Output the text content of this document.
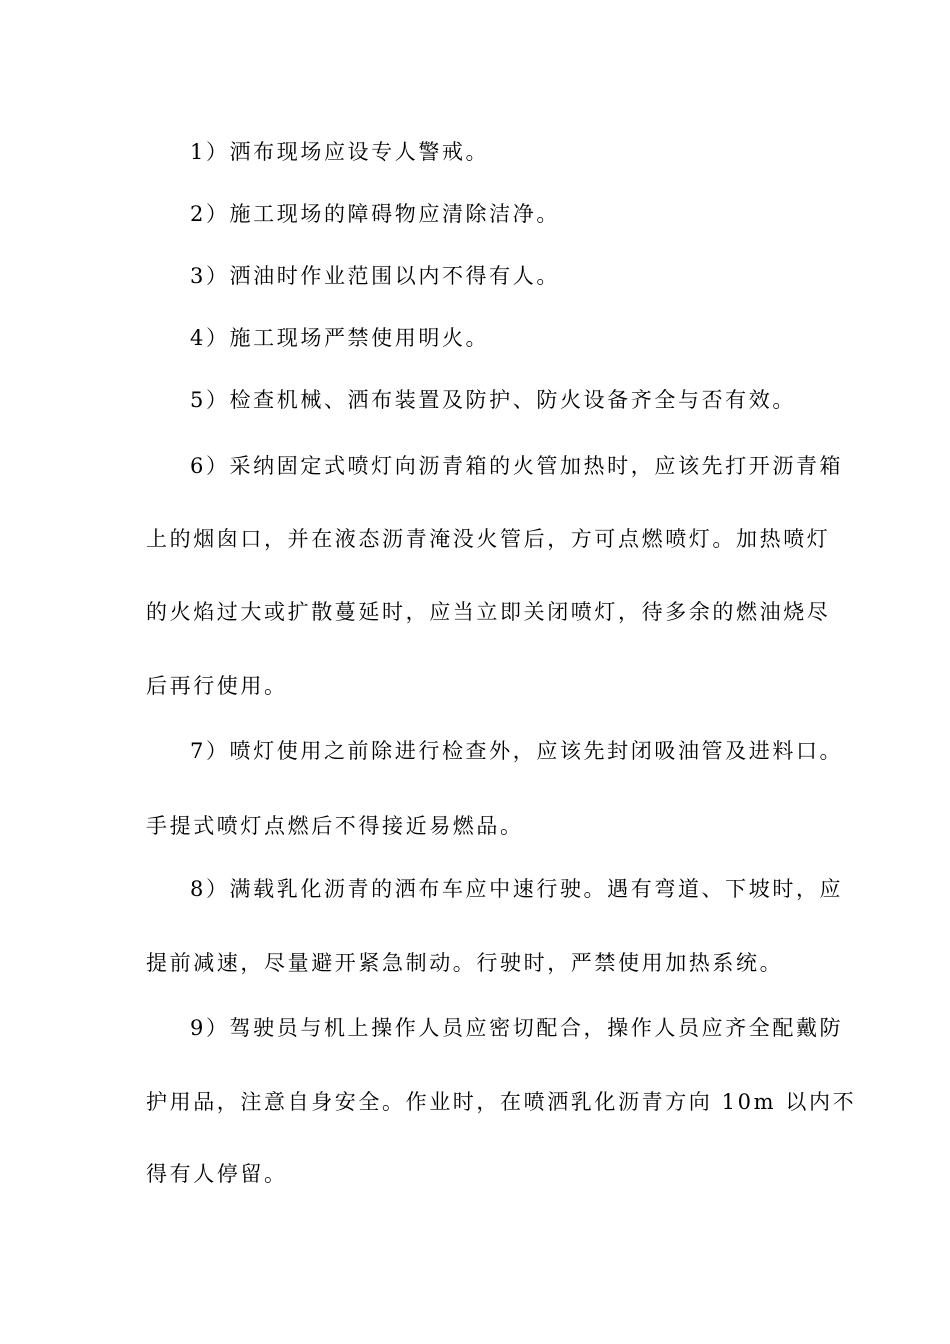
1）洒布现场应设专人警戒。
2）施工现场的障碍物应清除洁净。
3）洒油时作业范围以内不得有人。
4）施工现场严禁使用明火。
5）检查机械、洒布装置及防护、防火设备齐全与否有效。
6）采纳固定式喷灯向沥青箱的火管加热时，应该先打开沥青箱
上的烟囱口，并在液态沥青淹没火管后，方可点燃喷灯。加热喷灯
的火焰过大或扩散蔓延时，应当立即关闭喷灯，待多余的燃油烧尽
后再行使用。
7）喷灯使用之前除进行检查外，应该先封闭吸油管及进料口。
手提式喷灯点燃后不得接近易燃品。
8）满载乳化沥青的洒布车应中速行驶。遇有弯道、下坡时，应
提前减速，尽量避开紧急制动。行驶时，严禁使用加热系统。
9）驾驶员与机上操作人员应密切配合，操作人员应齐全配戴防
护用品，注意自身安全。作业时，在喷洒乳化沥青方向 10m 以内不
得有人停留。
